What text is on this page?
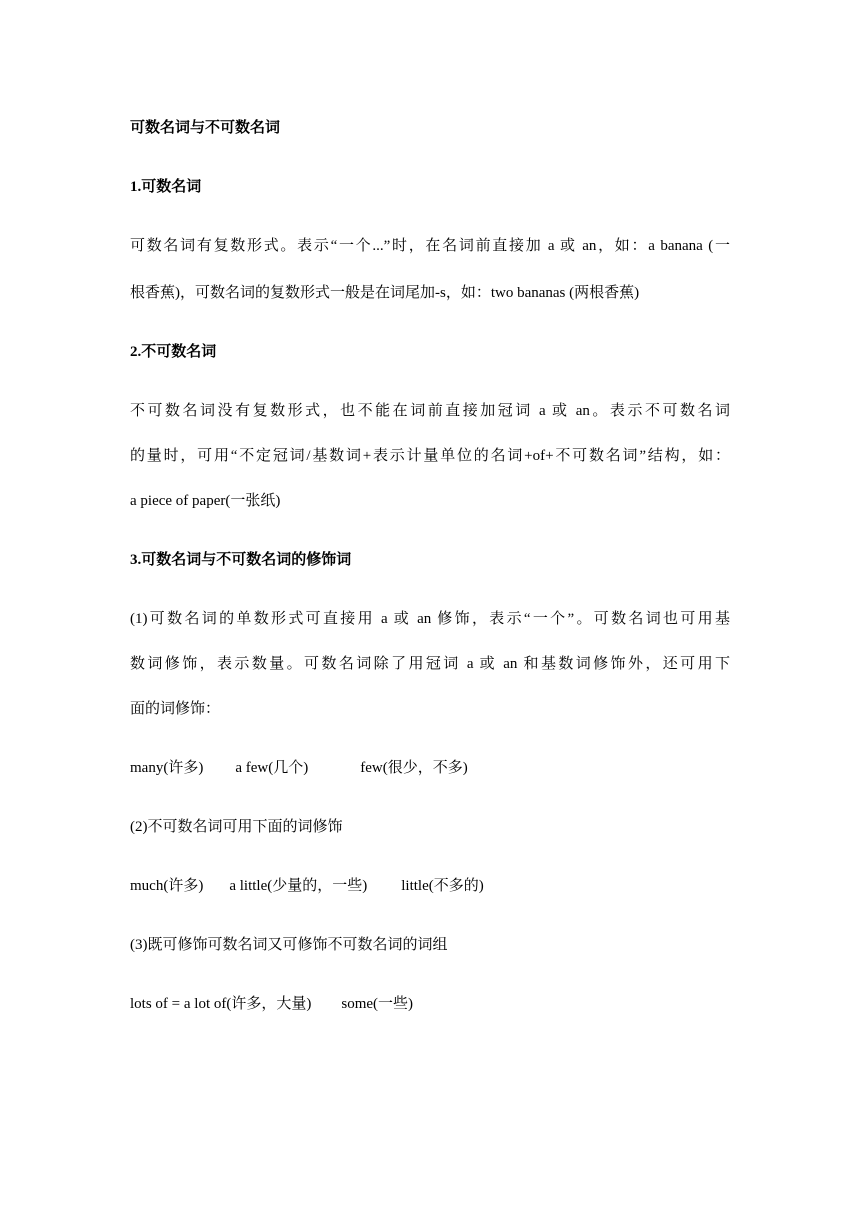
可数名词与不可数名词
1.可数名词
可数名词有复数形式。表示“一个...”时，在名词前直接加 a 或 an，如：a banana (一
根香蕉)，可数名词的复数形式一般是在词尾加-s，如：two bananas (两根香蕉)
2.不可数名词
不可数名词没有复数形式，也不能在词前直接加冠词 a 或 an。表示不可数名词
的量时，可用“不定冠词/基数词+表示计量单位的名词+of+不可数名词”结构，如：
a piece of paper(一张纸)
3.可数名词与不可数名词的修饰词
(1)可数名词的单数形式可直接用 a 或 an 修饰，表示“一个”。可数名词也可用基
数词修饰，表示数量。可数名词除了用冠词 a 或 an 和基数词修饰外，还可用下
面的词修饰：
many(许多) a few(几个)	few(很少，不多)
(2)不可数名词可用下面的词修饰
much(许多) a little(少量的，一些) little(不多的)
(3)既可修饰可数名词又可修饰不可数名词的词组
lots of = a lot of(许多，大量) some(一些)
